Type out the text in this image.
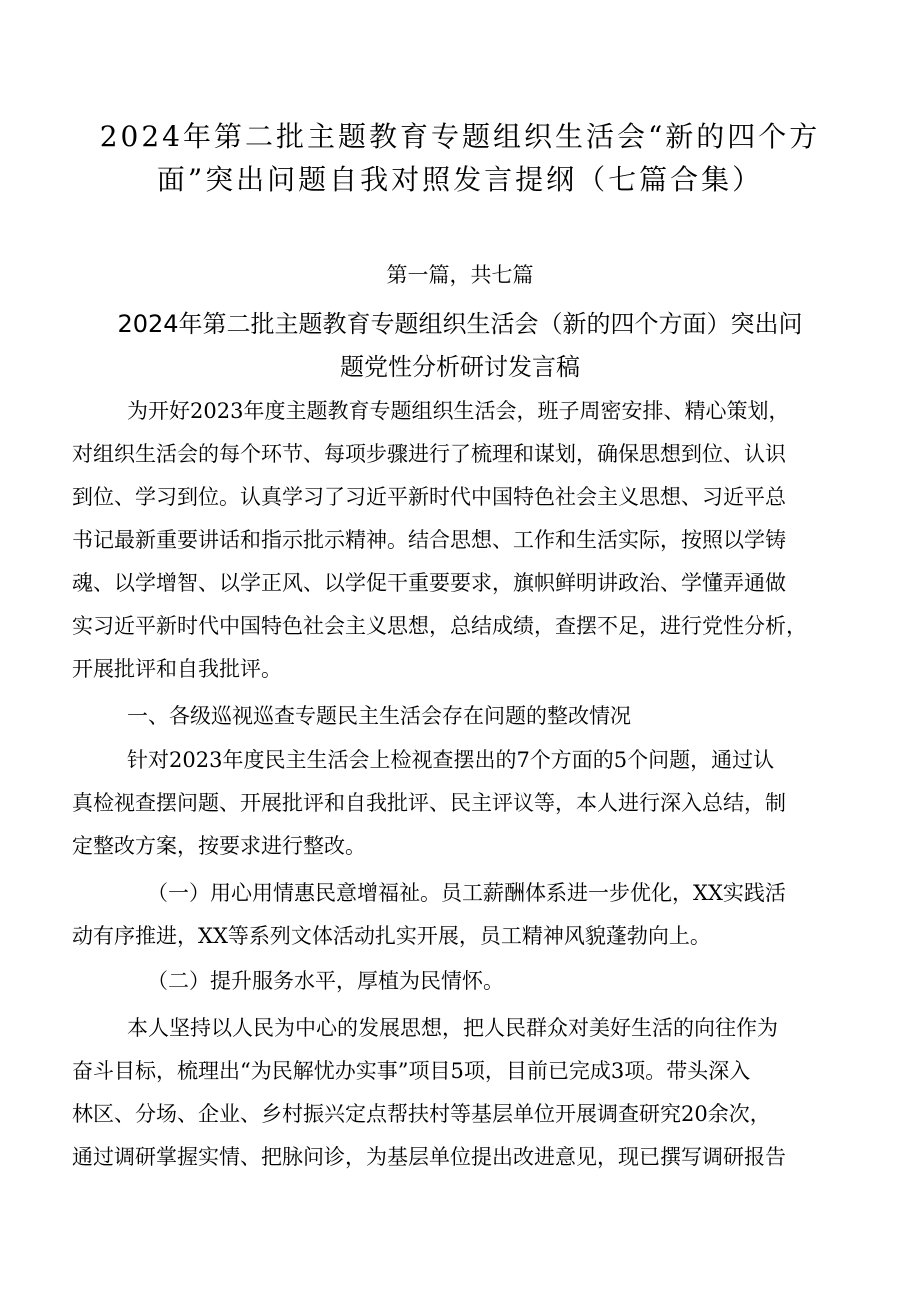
2024年第二批主题教育专题组织生活会“新的四个方
面”突出问题自我对照发言提纲（七篇合集）
第一篇，共七篇
2024年第二批主题教育专题组织生活会（新的四个方面）突出问
题党性分析研讨发言稿
为开好2023年度主题教育专题组织生活会，班子周密安排、精心策划，
对组织生活会的每个环节、每项步骤进行了梳理和谋划，确保思想到位、认识
到位、学习到位。认真学习了习近平新时代中国特色社会主义思想、习近平总
书记最新重要讲话和指示批示精神。结合思想、工作和生活实际，按照以学铸
魂、以学增智、以学正风、以学促干重要要求，旗帜鲜明讲政治、学懂弄通做
实习近平新时代中国特色社会主义思想，总结成绩，查摆不足，进行党性分析，
开展批评和自我批评。
一、各级巡视巡查专题民主生活会存在问题的整改情况
针对2023年度民主生活会上检视查摆出的7个方面的5个问题，通过认
真检视查摆问题、开展批评和自我批评、民主评议等，本人进行深入总结，制
定整改方案，按要求进行整改。
（一）用心用情惠民意增福祉。员工薪酬体系进一步优化，XX实践活
动有序推进，XX等系列文体活动扎实开展，员工精神风貌蓬勃向上。
（二）提升服务水平，厚植为民情怀。
本人坚持以人民为中心的发展思想，把人民群众对美好生活的向往作为
奋斗目标，梳理出“为民解忧办实事”项目5项，目前已完成3项。带头深入
林区、分场、企业、乡村振兴定点帮扶村等基层单位开展调查研究20余次，
通过调研掌握实情、把脉问诊，为基层单位提出改进意见，现已撰写调研报告
